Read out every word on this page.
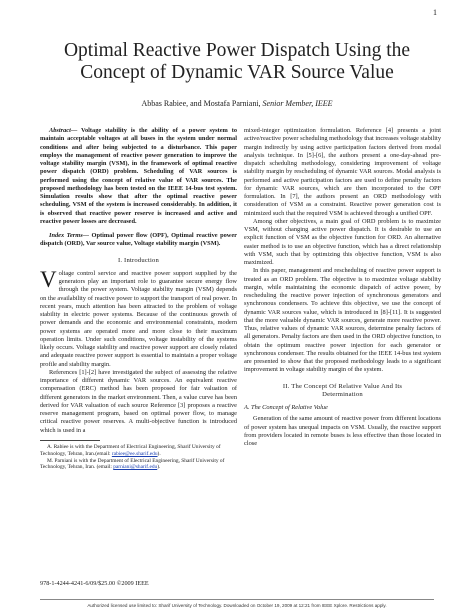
1
Optimal Reactive Power Dispatch Using the
Concept of Dynamic VAR Source Value
Abbas Rabiee, and Mostafa Parniani, Senior Member, IEEE

Abstract— Voltage stability is the ability of a power system to maintain acceptable voltages at all buses in the system under normal conditions and after being subjected to a disturbance. This paper employs the management of reactive power generation to improve the voltage stability margin (VSM), in the framework of optimal reactive power dispatch (ORD) problem. Scheduling of VAR sources is performed using the concept of relative value of VAR sources. The proposed methodology has been tested on the IEEE 14-bus test system. Simulation results show that after the optimal reactive power scheduling, VSM of the system is increased considerably. In addition, it is observed that reactive power reserve is increased and active and reactive power losses are decreased.

Index Terms— Optimal power flow (OPF), Optimal reactive power dispatch (ORD), Var source value, Voltage stability margin (VSM).

I. Introduction

V oltage control service and reactive power support supplied by the generators play an important role to guarantee secure energy flow through the power system. Voltage stability margin (VSM) depends on the availability of reactive power to support the transport of real power. In recent years, much attention has been attracted to the problem of voltage stability in electric power systems. Because of the continuous growth of power demands and the economic and environmental constraints, modern power systems are operated more and more close to their maximum operation limits. Under such conditions, voltage instability of the systems likely occurs. Voltage stability and reactive power support are closely related and adequate reactive power support is essential to maintain a proper voltage profile and stability margin.

References [1]-[2] have investigated the subject of assessing the relative importance of different dynamic VAR sources. An equivalent reactive compensation (ERC) method has been proposed for fair valuation of different generators in the market environment. Then, a value curve has been derived for VAR valuation of each source Reference [3] proposes a reactive reserve management program, based on optimal power flow, to manage critical reactive power reserves. A multi-objective function is introduced which is used in a

A. Rabiee is with the Department of Electrical Engineering, Sharif University of Technology, Tehran, Iran.(email: rabiee@ee.sharif.edu).

M. Parniani is with the Department of Electrical Engineering, Sharif University of Technology, Tehran, Iran. (email: parniani@sharif.edu).

mixed-integer optimization formulation. Reference [4] presents a joint active/reactive power scheduling methodology that increases voltage stability margin indirectly by using active participation factors derived from modal analysis technique. In [5]-[6], the authors present a one-day-ahead pre-dispatch scheduling methodology, considering improvement of voltage stability margin by rescheduling of dynamic VAR sources. Modal analysis is performed and active participation factors are used to define penalty factors for dynamic VAR sources, which are then incorporated to the OPF formulation. In [7], the authors present an ORD methodology with consideration of VSM as a constraint. Reactive power generation cost is minimized such that the required VSM is achieved through a unified OPF.

Among other objectives, a main goal of ORD problem is to maximize VSM, without changing active power dispatch. It is desirable to use an explicit function of VSM as the objective function for ORD. An alternative easier method is to use an objective function, which has a direct relationship with VSM, such that by optimizing this objective function, VSM is also maximized.

In this paper, management and rescheduling of reactive power support is treated as an ORD problem. The objective is to maximize voltage stability margin, while maintaining the economic dispatch of active power, by rescheduling the reactive power injection of synchronous generators and synchronous condensers. To achieve this objective, we use the concept of dynamic VAR sources value, which is introduced in [8]-[11]. It is suggested that the more valuable dynamic VAR sources, generate more reactive power. Thus, relative values of dynamic VAR sources, determine penalty factors of all generators. Penalty factors are then used in the ORD objective function, to obtain the optimum reactive power injection for each generator or synchronous condenser. The results obtained for the IEEE 14-bus test system are presented to show that the proposed methodology leads to a significant improvement in voltage stability margin of the system.

II. The Concept Of Relative Value And Its
Determination

A. The Concept of Relative Value

Generation of the same amount of reactive power from different locations of power system has unequal impacts on VSM. Usually, the reactive support from providers located in remote buses is less effective than those located in close

978-1-4244-4241-6/09/$25.00 ©2009 IEEE
Authorized licensed use limited to: Sharif University of Technology. Downloaded on October 19, 2009 at 12:21 from IEEE Xplore. Restrictions apply.
